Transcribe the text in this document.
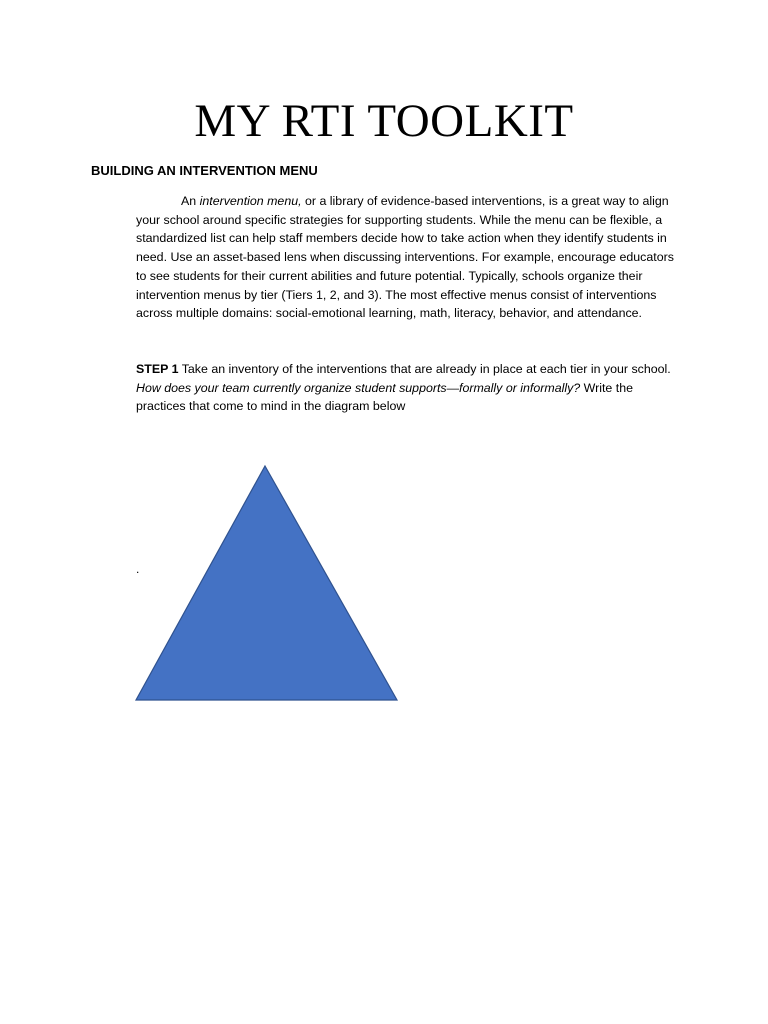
MY RTI TOOLKIT
BUILDING AN INTERVENTION MENU

An intervention menu, or a library of evidence-based interventions, is a great way to align your school around specific strategies for supporting students. While the menu can be flexible, a standardized list can help staff members decide how to take action when they identify students in need. Use an asset-based lens when discussing interventions. For example, encourage educators to see students for their current abilities and future potential. Typically, schools organize their intervention menus by tier (Tiers 1, 2, and 3). The most effective menus consist of interventions across multiple domains: social-emotional learning, math, literacy, behavior, and attendance.

STEP 1 Take an inventory of the interventions that are already in place at each tier in your school. How does your team currently organize student supports—formally or informally? Write the practices that come to mind in the diagram below

.
